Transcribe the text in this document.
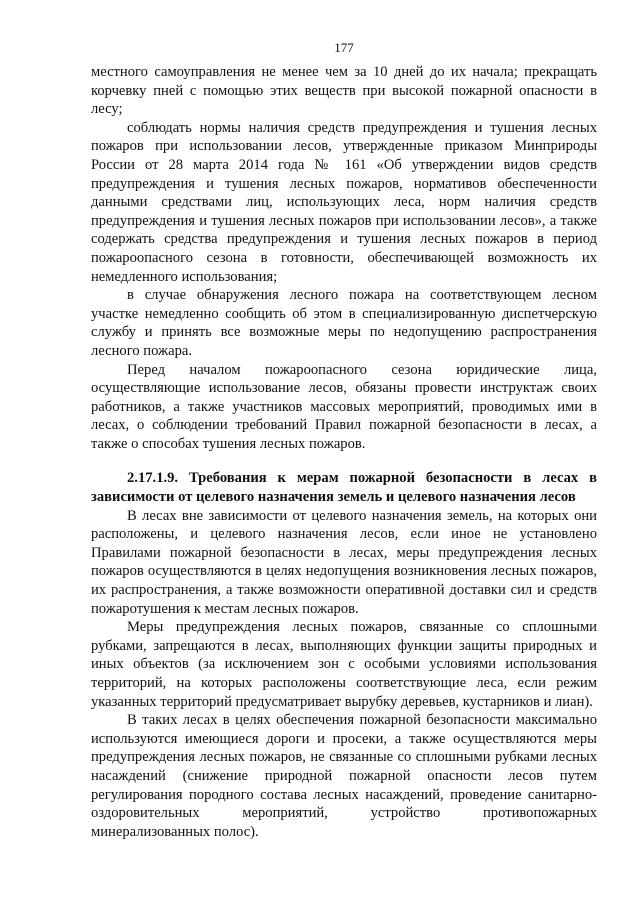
177

местного самоуправления не менее чем за 10 дней до их начала; прекращать корчевку пней с помощью этих веществ при высокой пожарной опасности в лесу;

соблюдать нормы наличия средств предупреждения и тушения лесных пожаров при использовании лесов, утвержденные приказом Минприроды России от 28 марта 2014 года № 161 «Об утверждении видов средств предупреждения и тушения лесных пожаров, нормативов обеспеченности данными средствами лиц, использующих леса, норм наличия средств предупреждения и тушения лесных пожаров при использовании лесов», а также содержать средства предупреждения и тушения лесных пожаров в период пожароопасного сезона в готовности, обеспечивающей возможность их немедленного использования;

в случае обнаружения лесного пожара на соответствующем лесном участке немедленно сообщить об этом в специализированную диспетчерскую службу и принять все возможные меры по недопущению распространения лесного пожара.

Перед началом пожароопасного сезона юридические лица, осуществляющие использование лесов, обязаны провести инструктаж своих работников, а также участников массовых мероприятий, проводимых ими в лесах, о соблюдении требований Правил пожарной безопасности в лесах, а также о способах тушения лесных пожаров.

2.17.1.9. Требования к мерам пожарной безопасности в лесах в зависимости от целевого назначения земель и целевого назначения лесов

В лесах вне зависимости от целевого назначения земель, на которых они расположены, и целевого назначения лесов, если иное не установлено Правилами пожарной безопасности в лесах, меры предупреждения лесных пожаров осуществляются в целях недопущения возникновения лесных пожаров, их распространения, а также возможности оперативной доставки сил и средств пожаротушения к местам лесных пожаров.

Меры предупреждения лесных пожаров, связанные со сплошными рубками, запрещаются в лесах, выполняющих функции защиты природных и иных объектов (за исключением зон с особыми условиями использования территорий, на которых расположены соответствующие леса, если режим указанных территорий предусматривает вырубку деревьев, кустарников и лиан).

В таких лесах в целях обеспечения пожарной безопасности максимально используются имеющиеся дороги и просеки, а также осуществляются меры предупреждения лесных пожаров, не связанные со сплошными рубками лесных насаждений (снижение природной пожарной опасности лесов путем регулирования породного состава лесных насаждений, проведение санитарно-оздоровительных мероприятий, устройство противопожарных минерализованных полос).
